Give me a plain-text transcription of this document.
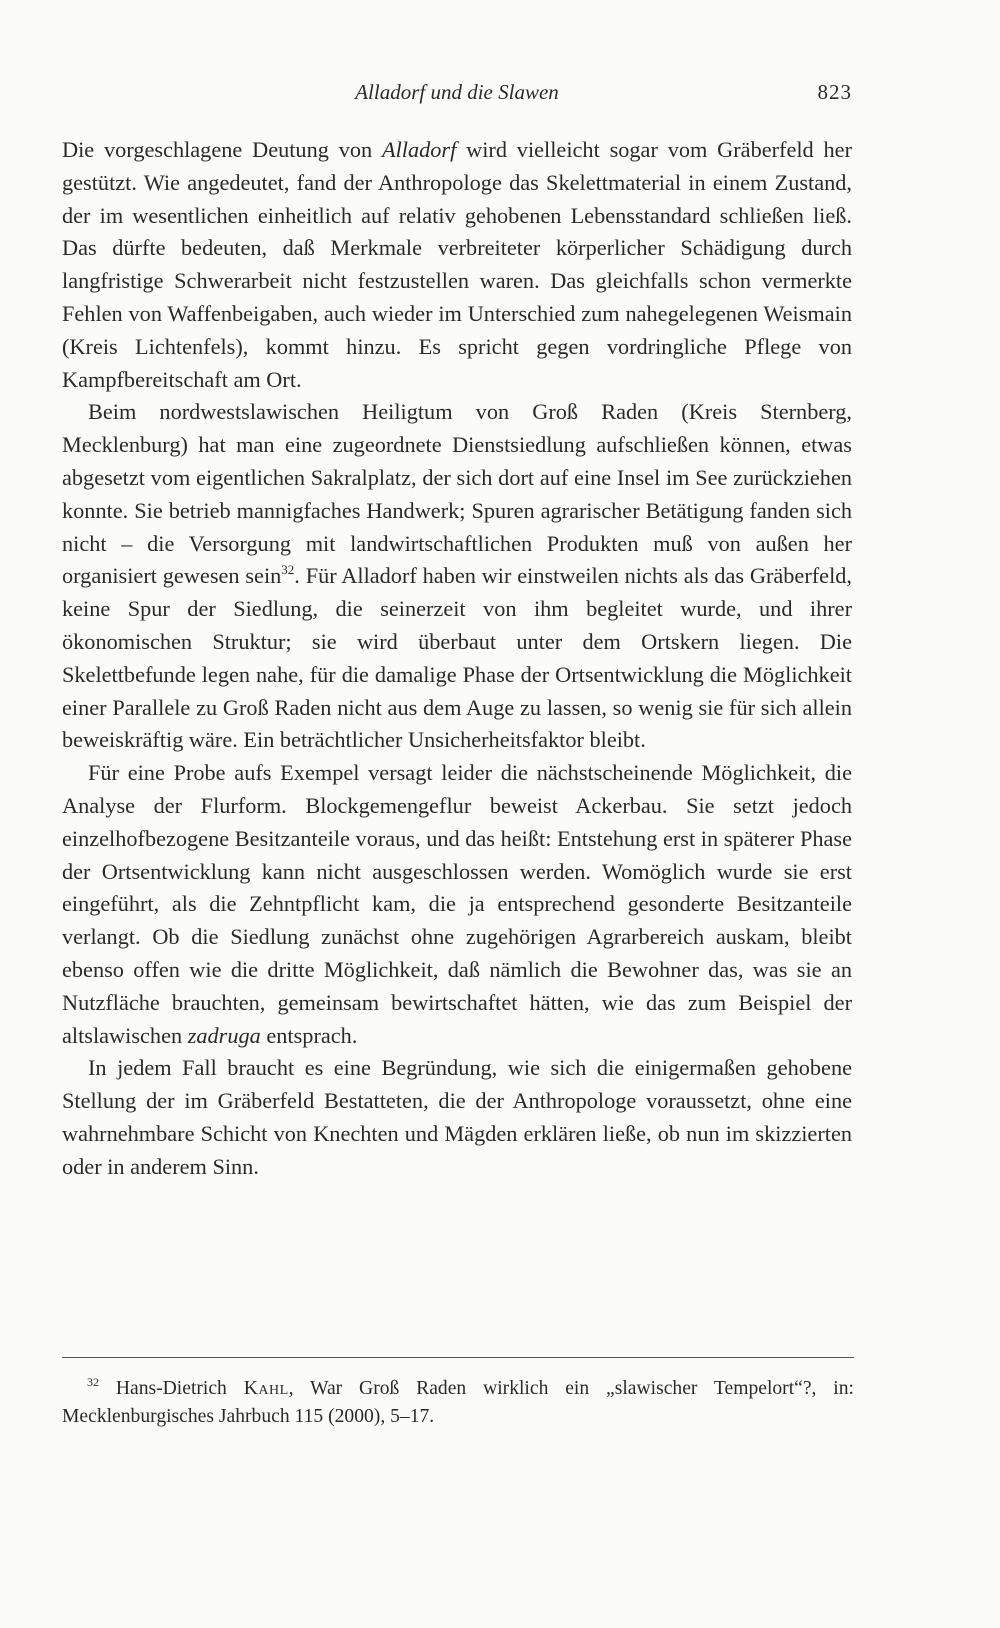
Alladorf und die Slawen	823

Die vorgeschlagene Deutung von Alladorf wird vielleicht sogar vom Gräberfeld her gestützt. Wie angedeutet, fand der Anthropologe das Skelettmaterial in einem Zustand, der im wesentlichen einheitlich auf relativ gehobenen Lebensstandard schließen ließ. Das dürfte bedeuten, daß Merkmale verbreiteter körperlicher Schädigung durch langfristige Schwerarbeit nicht festzustellen waren. Das gleichfalls schon vermerkte Fehlen von Waffenbeigaben, auch wieder im Unterschied zum nahegelegenen Weismain (Kreis Lichtenfels), kommt hinzu. Es spricht gegen vordringliche Pflege von Kampfbereitschaft am Ort.

Beim nordwestslawischen Heiligtum von Groß Raden (Kreis Sternberg, Mecklenburg) hat man eine zugeordnete Dienstsiedlung aufschließen können, etwas abgesetzt vom eigentlichen Sakralplatz, der sich dort auf eine Insel im See zurückziehen konnte. Sie betrieb mannigfaches Handwerk; Spuren agrarischer Betätigung fanden sich nicht – die Versorgung mit landwirtschaftlichen Produkten muß von außen her organisiert gewesen sein$^{32}$. Für Alladorf haben wir einstweilen nichts als das Gräberfeld, keine Spur der Siedlung, die seinerzeit von ihm begleitet wurde, und ihrer ökonomischen Struktur; sie wird überbaut unter dem Ortskern liegen. Die Skelettbefunde legen nahe, für die damalige Phase der Ortsentwicklung die Möglichkeit einer Parallele zu Groß Raden nicht aus dem Auge zu lassen, so wenig sie für sich allein beweiskräftig wäre. Ein beträchtlicher Unsicherheitsfaktor bleibt.

Für eine Probe aufs Exempel versagt leider die nächstscheinende Möglichkeit, die Analyse der Flurform. Blockgemengeflur beweist Ackerbau. Sie setzt jedoch einzelhofbezogene Besitzanteile voraus, und das heißt: Entstehung erst in späterer Phase der Ortsentwicklung kann nicht ausgeschlossen werden. Womöglich wurde sie erst eingeführt, als die Zehntpflicht kam, die ja entsprechend gesonderte Besitzanteile verlangt. Ob die Siedlung zunächst ohne zugehörigen Agrarbereich auskam, bleibt ebenso offen wie die dritte Möglichkeit, daß nämlich die Bewohner das, was sie an Nutzfläche brauchten, gemeinsam bewirtschaftet hätten, wie das zum Beispiel der altslawischen zadruga entsprach.

In jedem Fall braucht es eine Begründung, wie sich die einigermaßen gehobene Stellung der im Gräberfeld Bestatteten, die der Anthropologe voraussetzt, ohne eine wahrnehmbare Schicht von Knechten und Mägden erklären ließe, ob nun im skizzierten oder in anderem Sinn.

$^{32}$ Hans-Dietrich Kahl, War Groß Raden wirklich ein „slawischer Tempelort“?, in: Mecklenburgisches Jahrbuch 115 (2000), 5–17.
